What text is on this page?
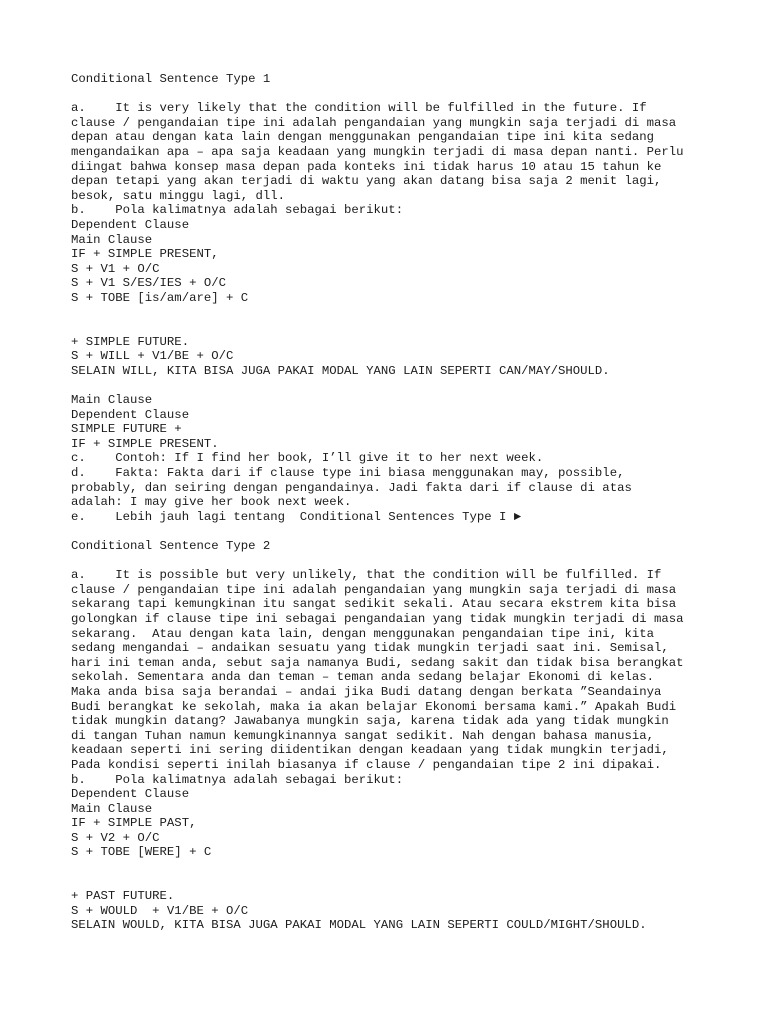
Conditional Sentence Type 1
a.    It is very likely that the condition will be fulfilled in the future. If
clause / pengandaian tipe ini adalah pengandaian yang mungkin saja terjadi di masa
depan atau dengan kata lain dengan menggunakan pengandaian tipe ini kita sedang
mengandaikan apa – apa saja keadaan yang mungkin terjadi di masa depan nanti. Perlu
diingat bahwa konsep masa depan pada konteks ini tidak harus 10 atau 15 tahun ke
depan tetapi yang akan terjadi di waktu yang akan datang bisa saja 2 menit lagi,
besok, satu minggu lagi, dll.
b.    Pola kalimatnya adalah sebagai berikut:
Dependent Clause
Main Clause
IF + SIMPLE PRESENT,
S + V1 + O/C
S + V1 S/ES/IES + O/C
S + TOBE [is/am/are] + C
+ SIMPLE FUTURE.
S + WILL + V1/BE + O/C
SELAIN WILL, KITA BISA JUGA PAKAI MODAL YANG LAIN SEPERTI CAN/MAY/SHOULD.
Main Clause
Dependent Clause
SIMPLE FUTURE +
IF + SIMPLE PRESENT.
c.    Contoh: If I find her book, I’ll give it to her next week.
d.    Fakta: Fakta dari if clause type ini biasa menggunakan may, possible,
probably, dan seiring dengan pengandainya. Jadi fakta dari if clause di atas
adalah: I may give her book next week.
e.    Lebih jauh lagi tentang  Conditional Sentences Type I ►
Conditional Sentence Type 2
a.    It is possible but very unlikely, that the condition will be fulfilled. If
clause / pengandaian tipe ini adalah pengandaian yang mungkin saja terjadi di masa
sekarang tapi kemungkinan itu sangat sedikit sekali. Atau secara ekstrem kita bisa
golongkan if clause tipe ini sebagai pengandaian yang tidak mungkin terjadi di masa
sekarang.  Atau dengan kata lain, dengan menggunakan pengandaian tipe ini, kita
sedang mengandai – andaikan sesuatu yang tidak mungkin terjadi saat ini. Semisal,
hari ini teman anda, sebut saja namanya Budi, sedang sakit dan tidak bisa berangkat
sekolah. Sementara anda dan teman – teman anda sedang belajar Ekonomi di kelas.
Maka anda bisa saja berandai – andai jika Budi datang dengan berkata ”Seandainya
Budi berangkat ke sekolah, maka ia akan belajar Ekonomi bersama kami.” Apakah Budi
tidak mungkin datang? Jawabanya mungkin saja, karena tidak ada yang tidak mungkin
di tangan Tuhan namun kemungkinannya sangat sedikit. Nah dengan bahasa manusia,
keadaan seperti ini sering diidentikan dengan keadaan yang tidak mungkin terjadi,
Pada kondisi seperti inilah biasanya if clause / pengandaian tipe 2 ini dipakai.
b.    Pola kalimatnya adalah sebagai berikut:
Dependent Clause
Main Clause
IF + SIMPLE PAST,
S + V2 + O/C
S + TOBE [WERE] + C
+ PAST FUTURE.
S + WOULD  + V1/BE + O/C
SELAIN WOULD, KITA BISA JUGA PAKAI MODAL YANG LAIN SEPERTI COULD/MIGHT/SHOULD.
